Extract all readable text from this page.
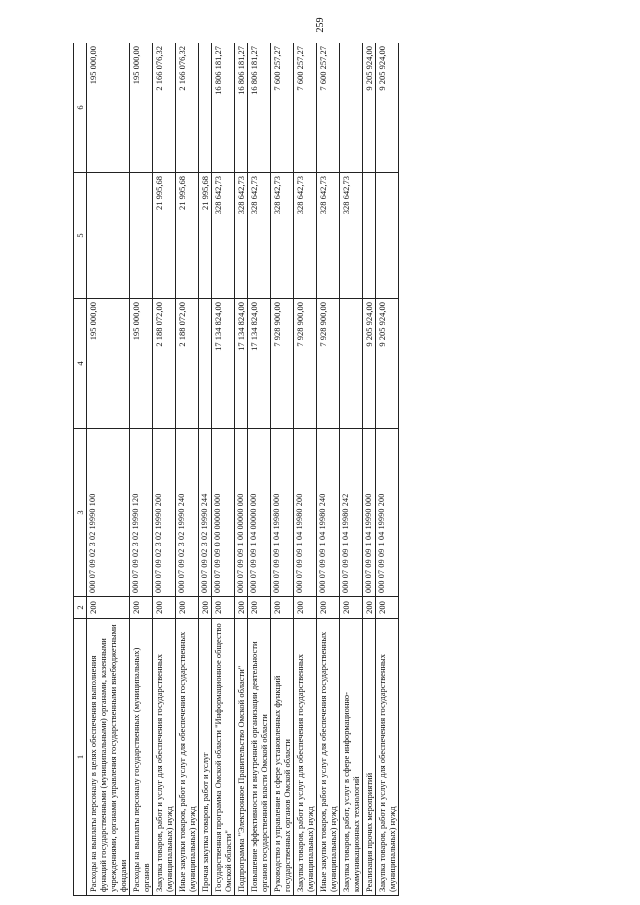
259
1	2	3	4	5	6
Расходы на выплаты персоналу в целях обеспечения выполнения функций государственными (муниципальными) органами, казенными учреждениями, органами управления государственными внебюджетными фондами	200	000 07 09 02 3 02 19990 100	195 000,00		195 000,00
Расходы на выплаты персоналу государственных (муниципальных) органов	200	000 07 09 02 3 02 19990 120	195 000,00		195 000,00
Закупка товаров, работ и услуг для обеспечения государственных (муниципальных) нужд	200	000 07 09 02 3 02 19990 200	2 188 072,00	21 995,68	2 166 076,32
Иные закупки товаров, работ и услуг для обеспечения государственных (муниципальных) нужд	200	000 07 09 02 3 02 19990 240	2 188 072,00	21 995,68	2 166 076,32
Прочая закупка товаров, работ и услуг	200	000 07 09 02 3 02 19990 244		21 995,68	
Государственная программа Омской области "Информационное общество Омской области"	200	000 07 09 09 0 00 00000 000	17 134 824,00	328 642,73	16 806 181,27
Подпрограмма "Электронное Правительство Омской области"	200	000 07 09 09 1 00 00000 000	17 134 824,00	328 642,73	16 806 181,27
Повышение эффективности и внутренней организации деятельности органов государственной власти Омской области	200	000 07 09 09 1 04 00000 000	17 134 824,00	328 642,73	16 806 181,27
Руководство и управление в сфере установленных функций государственных органов Омской области	200	000 07 09 09 1 04 19980 000	7 928 900,00	328 642,73	7 600 257,27
Закупка товаров, работ и услуг для обеспечения государственных (муниципальных) нужд	200	000 07 09 09 1 04 19980 200	7 928 900,00	328 642,73	7 600 257,27
Иные закупки товаров, работ и услуг для обеспечения государственных (муниципальных) нужд	200	000 07 09 09 1 04 19980 240	7 928 900,00	328 642,73	7 600 257,27
Закупка товаров, работ, услуг в сфере информационно-коммуникационных технологий	200	000 07 09 09 1 04 19980 242		328 642,73	
Реализация прочих мероприятий	200	000 07 09 09 1 04 19990 000	9 205 924,00		9 205 924,00
Закупка товаров, работ и услуг для обеспечения государственных (муниципальных) нужд	200	000 07 09 09 1 04 19990 200	9 205 924,00		9 205 924,00
